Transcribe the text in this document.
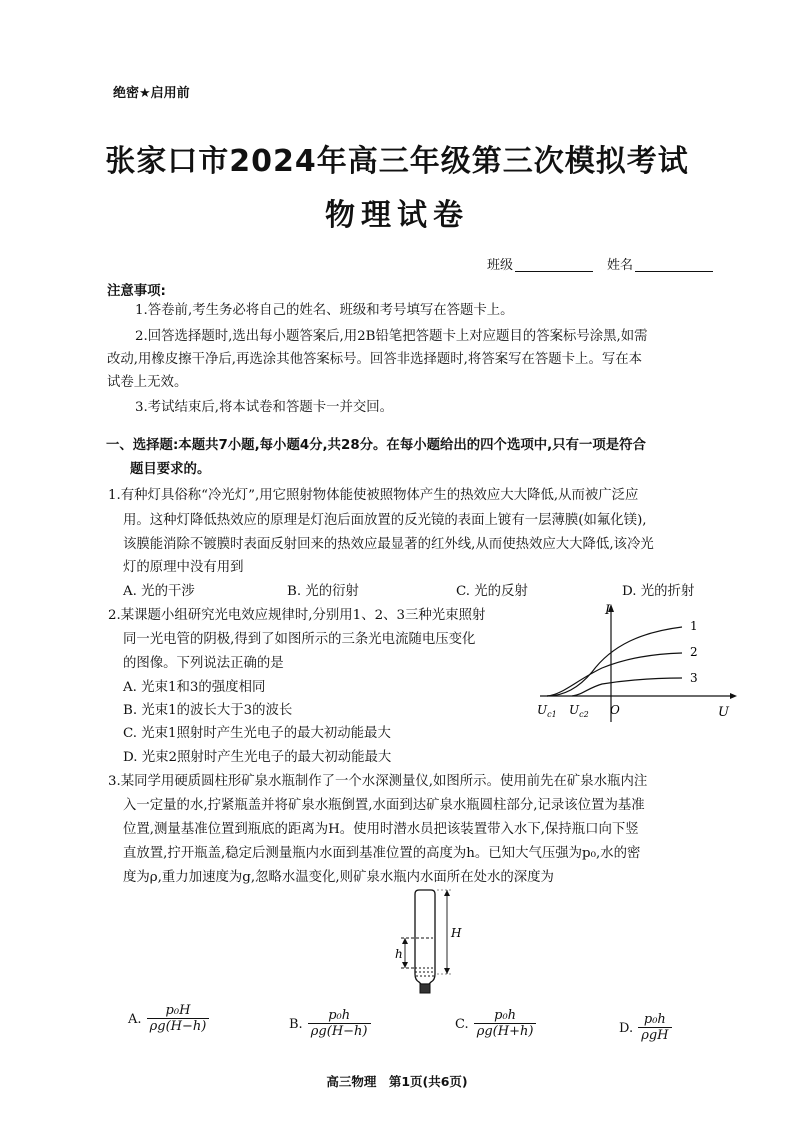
绝密★启用前
张家口市2024年高三年级第三次模拟考试
物理试卷
班级	姓名
注意事项:
1.答卷前,考生务必将自己的姓名、班级和考号填写在答题卡上。
2.回答选择题时,选出每小题答案后,用2B铅笔把答题卡上对应题目的答案标号涂黑,如需
改动,用橡皮擦干净后,再选涂其他答案标号。回答非选择题时,将答案写在答题卡上。写在本
试卷上无效。
3.考试结束后,将本试卷和答题卡一并交回。
一、选择题:本题共7小题,每小题4分,共28分。在每小题给出的四个选项中,只有一项是符合
题目要求的。
1.有种灯具俗称“冷光灯”,用它照射物体能使被照物体产生的热效应大大降低,从而被广泛应
用。这种灯降低热效应的原理是灯泡后面放置的反光镜的表面上镀有一层薄膜(如氟化镁),
该膜能消除不镀膜时表面反射回来的热效应最显著的红外线,从而使热效应大大降低,该冷光
灯的原理中没有用到
A. 光的干涉	B. 光的衍射	C. 光的反射	D. 光的折射
2.某课题小组研究光电效应规律时,分别用1、2、3三种光束照射
同一光电管的阴极,得到了如图所示的三条光电流随电压变化
的图像。下列说法正确的是
A. 光束1和3的强度相同
B. 光束1的波长大于3的波长
C. 光束1照射时产生光电子的最大初动能最大
D. 光束2照射时产生光电子的最大初动能最大
I
U
O
$U_{c1}$ $U_{c2}$
1
2
3
3.某同学用硬质圆柱形矿泉水瓶制作了一个水深测量仪,如图所示。使用前先在矿泉水瓶内注
入一定量的水,拧紧瓶盖并将矿泉水瓶倒置,水面到达矿泉水瓶圆柱部分,记录该位置为基准
位置,测量基准位置到瓶底的距离为H。使用时潜水员把该装置带入水下,保持瓶口向下竖
直放置,拧开瓶盖,稳定后测量瓶内水面到基准位置的高度为h。已知大气压强为p₀,水的密
度为ρ,重力加速度为g,忽略水温变化,则矿泉水瓶内水面所在处水的深度为
H
h
A. $\frac{\text{p₀H}}{\rho g(H-h)}$	B. $\frac{\text{p₀h}}{\rho g(H-h)}$	C. $\frac{\text{p₀h}}{\rho g(H+h)}$	D. $\frac{\text{p₀h}}{\text{ρgH}}$
高三物理　第1页(共6页)
